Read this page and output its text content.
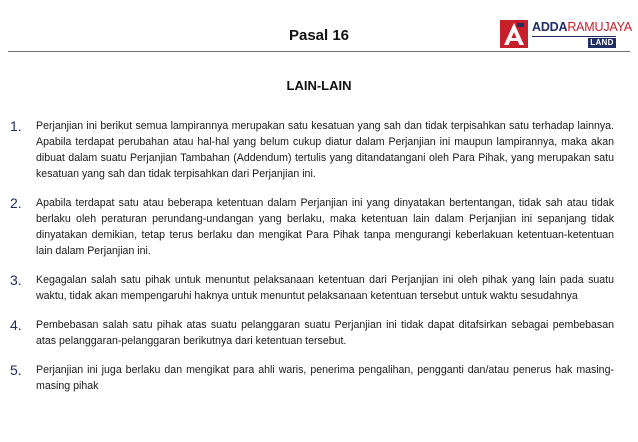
Pasal 16	ADDARAMUJAYA
LAND
LAIN-LAIN
1.	Perjanjian ini berikut semua lampirannya merupakan satu kesatuan yang sah dan tidak terpisahkan satu terhadap lainnya. Apabila terdapat perubahan atau hal-hal yang belum cukup diatur dalam Perjanjian ini maupun lampirannya, maka akan dibuat dalam suatu Perjanjian Tambahan (Addendum) tertulis yang ditandatangani oleh Para Pihak, yang merupakan satu kesatuan yang sah dan tidak terpisahkan dari Perjanjian ini.
2.	Apabila terdapat satu atau beberapa ketentuan dalam Perjanjian ini yang dinyatakan bertentangan, tidak sah atau tidak berlaku oleh peraturan perundang-undangan yang berlaku, maka ketentuan lain dalam Perjanjian ini sepanjang tidak dinyatakan demikian, tetap terus berlaku dan mengikat Para Pihak tanpa mengurangi keberlakuan ketentuan-ketentuan lain dalam Perjanjian ini.
3.	Kegagalan salah satu pihak untuk menuntut pelaksanaan ketentuan dari Perjanjian ini oleh pihak yang lain pada suatu waktu, tidak akan mempengaruhi haknya untuk menuntut pelaksanaan ketentuan tersebut untuk waktu sesudahnya
4.	Pembebasan salah satu pihak atas suatu pelanggaran suatu Perjanjian ini tidak dapat ditafsirkan sebagai pembebasan atas pelanggaran-pelanggaran berikutnya dari ketentuan tersebut.
5.	Perjanjian ini juga berlaku dan mengikat para ahli waris, penerima pengalihan, pengganti dan/atau penerus hak masing-masing pihak
